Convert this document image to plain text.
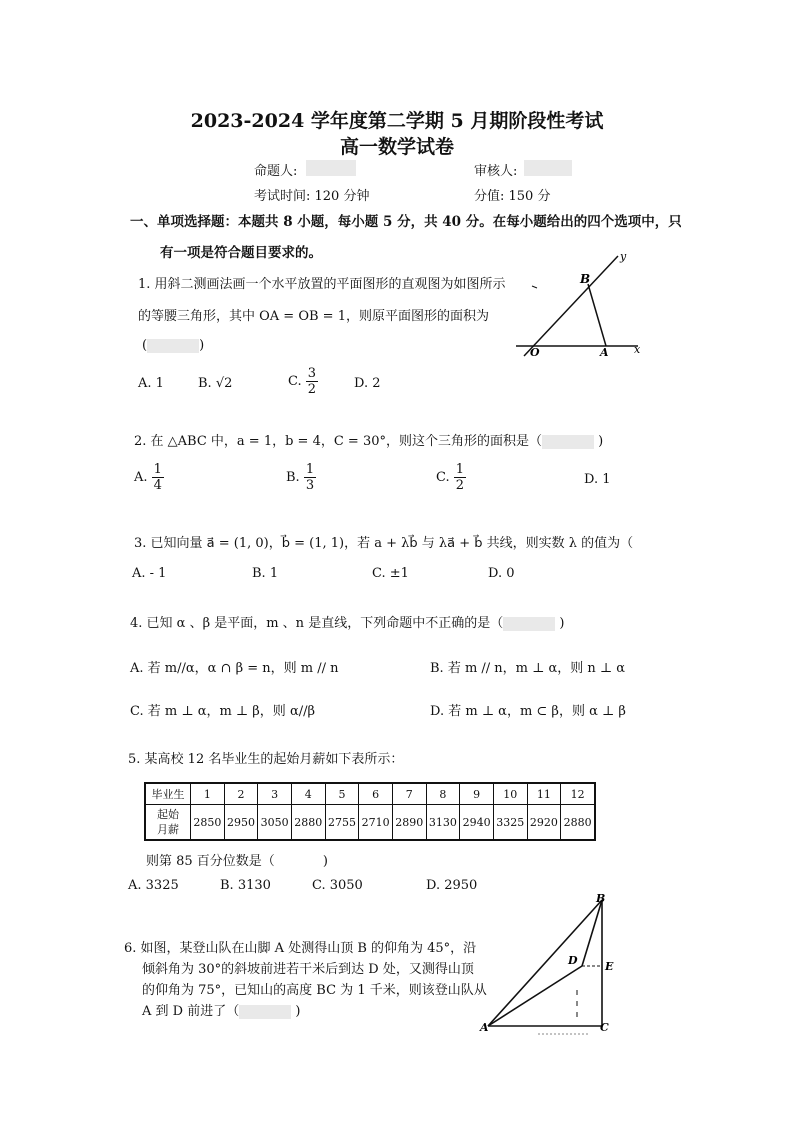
2023-2024 学年度第二学期 5 月期阶段性考试
高一数学试卷
命题人:	审核人:
考试时间: 120 分钟	分值: 150 分
一、单项选择题：本题共 8 小题，每小题 5 分，共 40 分。在每小题给出的四个选项中，只
有一项是符合题目要求的。
1. 用斜二测画法画一个水平放置的平面图形的直观图为如图所示
的等腰三角形，其中 OA = OB = 1，则原平面图形的面积为
(	)
A. 1	B. √2	C. $\frac{3}{2}$	D. 2
y
B
O	A x
2. 在 △ABC 中，a = 1，b = 4，C = 30°，则这个三角形的面积是（	)
A. $\frac{1}{4}$	B. $\frac{1}{3}$	C. $\frac{1}{2}$	D. 1
3. 已知向量 a⃗ = (1, 0)，b⃗ = (1, 1)，若 a + λb⃗ 与 λa⃗ + b⃗ 共线，则实数 λ 的值为（
A. - 1	B. 1	C. ±1	D. 0
4. 已知 α 、β 是平面，m 、n 是直线，下列命题中不正确的是（	)
A. 若 m//α，α ∩ β = n，则 m // n	B. 若 m // n，m ⊥ α，则 n ⊥ α
C. 若 m ⊥ α，m ⊥ β，则 α//β	D. 若 m ⊥ α，m ⊂ β，则 α ⊥ β
5. 某高校 12 名毕业生的起始月薪如下表所示：
毕业生	1	2	3	4	5	6	7	8	9	10	11	12
起始
月薪	2850	2950	3050	2880	2755	2710	2890	3130	2940	3325	2920	2880
则第 85 百分位数是（	)
A. 3325	B. 3130	C. 3050	D. 2950
6. 如图，某登山队在山脚 A 处测得山顶 B 的仰角为 45°，沿
倾斜角为 30°的斜坡前进若干米后到达 D 处，又测得山顶
的仰角为 75°，已知山的高度 BC 为 1 千米，则该登山队从
A 到 D 前进了（	)
B
D E
A	C
